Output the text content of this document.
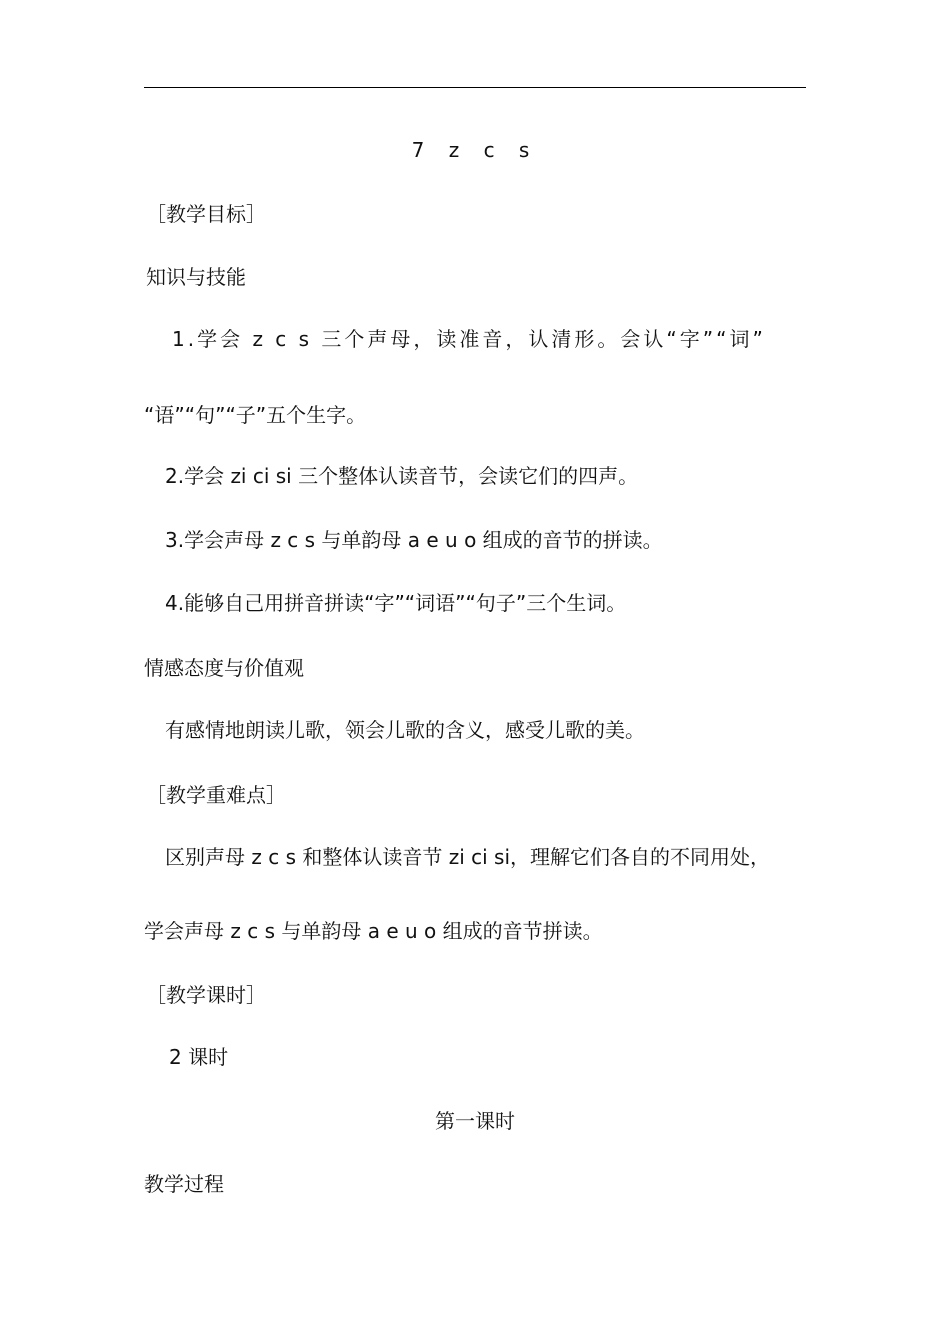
7 z c s
［教学目标］
知识与技能
1.学会 z c s 三个声母，读准音，认清形。会认“字”“词”
“语”“句”“子”五个生字。
2.学会 zi ci si 三个整体认读音节，会读它们的四声。
3.学会声母 z c s 与单韵母 a e u o 组成的音节的拼读。
4.能够自己用拼音拼读“字”“词语”“句子”三个生词。
情感态度与价值观
有感情地朗读儿歌，领会儿歌的含义，感受儿歌的美。
［教学重难点］
区别声母 z c s 和整体认读音节 zi ci si，理解它们各自的不同用处，
学会声母 z c s 与单韵母 a e u o 组成的音节拼读。
［教学课时］
2 课时
第一课时
教学过程
